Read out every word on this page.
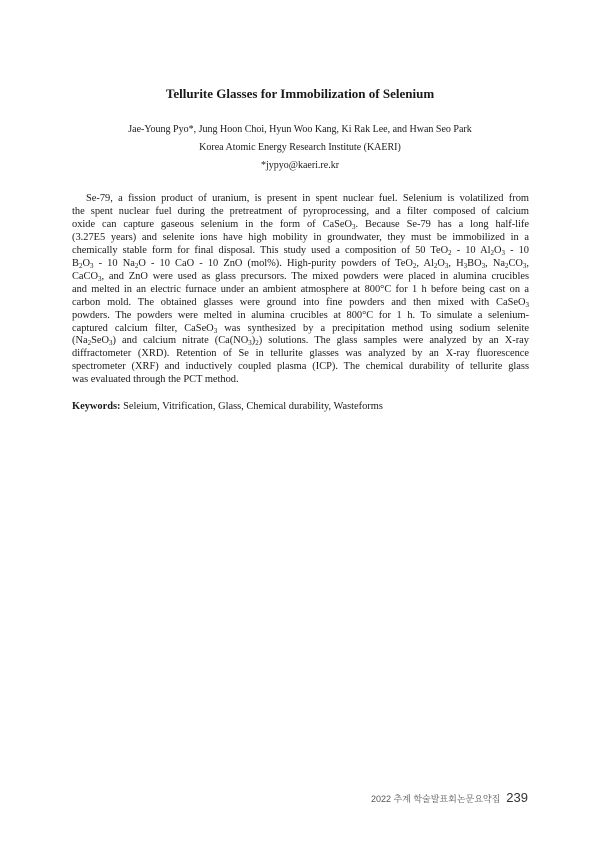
Tellurite Glasses for Immobilization of Selenium
Jae-Young Pyo*, Jung Hoon Choi, Hyun Woo Kang, Ki Rak Lee, and Hwan Seo Park
Korea Atomic Energy Research Institute (KAERI)
*jypyo@kaeri.re.kr
Se-79, a fission product of uranium, is present in spent nuclear fuel. Selenium is volatilized from
the spent nuclear fuel during the pretreatment of pyroprocessing, and a filter composed of calcium
oxide can capture gaseous selenium in the form of CaSeO$_3$. Because Se-79 has a long half-life
(3.27E5 years) and selenite ions have high mobility in groundwater, they must be immobilized in a
chemically stable form for final disposal. This study used a composition of 50 TeO$_2$ - 10 $Al_2O_3 - 10$
$B_2O_3 - 10$ $Na_2O - 10$ CaO - 10 ZnO (mol%). High-purity powders of TeO$_2$, $Al_2O_3$, $H_3BO_3$, $Na_2CO_3$,
CaCO$_3$, and ZnO were used as glass precursors. The mixed powders were placed in alumina crucibles
and melted in an electric furnace under an ambient atmosphere at 800°C for 1 h before being cast on a
carbon mold. The obtained glasses were ground into fine powders and then mixed with CaSeO$_3$
powders. The powders were melted in alumina crucibles at 800°C for 1 h. To simulate a selenium-
captured calcium filter, CaSeO$_3$ was synthesized by a precipitation method using sodium selenite
$(Na_2SeO_3)$ and calcium nitrate $(Ca(NO_3)_2)$ solutions. The glass samples were analyzed by an X-ray
diffractometer (XRD). Retention of Se in tellurite glasses was analyzed by an X-ray fluorescence
spectrometer (XRF) and inductively coupled plasma (ICP). The chemical durability of tellurite glass
was evaluated through the PCT method.
Keywords: Seleium, Vitrification, Glass, Chemical durability, Wasteforms
2022 추계 학술발표회논문요약집 239
